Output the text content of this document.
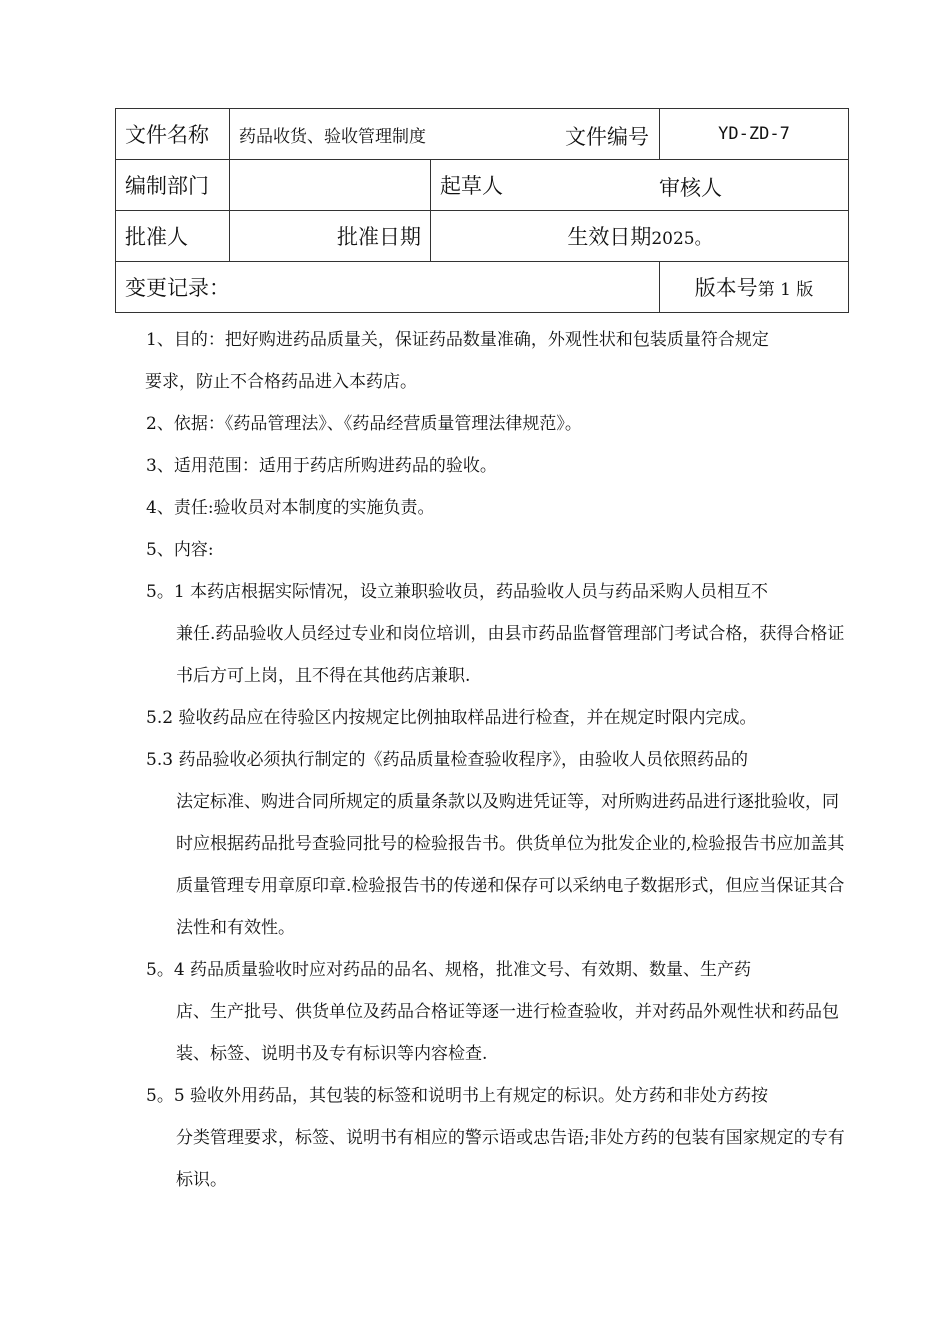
文件名称	药品收货、验收管理制度 文件编号		YD-ZD-7
编制部门		起草人 审核人	

批准人	批准日期	生效日期2025。	
变更记录：			版本号第 1 版
1、目的：把好购进药品质量关，保证药品数量准确，外观性状和包装质量符合规定
要求，防止不合格药品进入本药店。
2、依据：《药品管理法》、《药品经营质量管理法律规范》。
3、适用范围：适用于药店所购进药品的验收。
4、责任:验收员对本制度的实施负责。
5、内容:
5。1 本药店根据实际情况，设立兼职验收员，药品验收人员与药品采购人员相互不
兼任.药品验收人员经过专业和岗位培训，由县市药品监督管理部门考试合格，获得合格证书后方可上岗，且不得在其他药店兼职.
5.2 验收药品应在待验区内按规定比例抽取样品进行检查，并在规定时限内完成。
5.3 药品验收必须执行制定的《药品质量检查验收程序》，由验收人员依照药品的
法定标准、购进合同所规定的质量条款以及购进凭证等，对所购进药品进行逐批验收，同时应根据药品批号查验同批号的检验报告书。供货单位为批发企业的,检验报告书应加盖其质量管理专用章原印章.检验报告书的传递和保存可以采纳电子数据形式，但应当保证其合法性和有效性。
5。4 药品质量验收时应对药品的品名、规格，批准文号、有效期、数量、生产药
店、生产批号、供货单位及药品合格证等逐一进行检查验收，并对药品外观性状和药品包装、标签、说明书及专有标识等内容检查.
5。5 验收外用药品，其包装的标签和说明书上有规定的标识。处方药和非处方药按
分类管理要求，标签、说明书有相应的警示语或忠告语;非处方药的包装有国家规定的专有标识。
